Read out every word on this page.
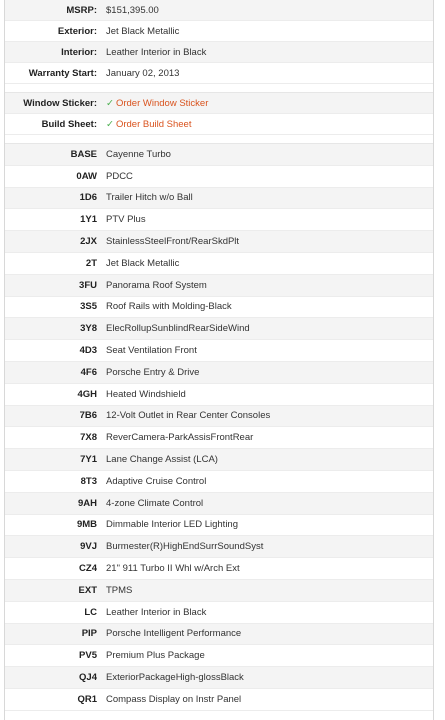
MSRP: $151,395.00
Exterior: Jet Black Metallic
Interior: Leather Interior in Black
Warranty Start: January 02, 2013
Window Sticker: ✓ Order Window Sticker
Build Sheet: ✓ Order Build Sheet
BASE Cayenne Turbo
0AW PDCC
1D6 Trailer Hitch w/o Ball
1Y1 PTV Plus
2JX StainlessSteelFront/RearSkdPlt
2T Jet Black Metallic
3FU Panorama Roof System
3S5 Roof Rails with Molding-Black
3Y8 ElecRollupSunblindRearSideWind
4D3 Seat Ventilation Front
4F6 Porsche Entry & Drive
4GH Heated Windshield
7B6 12-Volt Outlet in Rear Center Consoles
7X8 ReverCamera-ParkAssisFrontRear
7Y1 Lane Change Assist (LCA)
8T3 Adaptive Cruise Control
9AH 4-zone Climate Control
9MB Dimmable Interior LED Lighting
9VJ Burmester(R)HighEndSurrSoundSyst
CZ4 21" 911 Turbo II Whl w/Arch Ext
EXT TPMS
LC Leather Interior in Black
PIP Porsche Intelligent Performance
PV5 Premium Plus Package
QJ4 ExteriorPackageHigh-glossBlack
QR1 Compass Display on Instr Panel
